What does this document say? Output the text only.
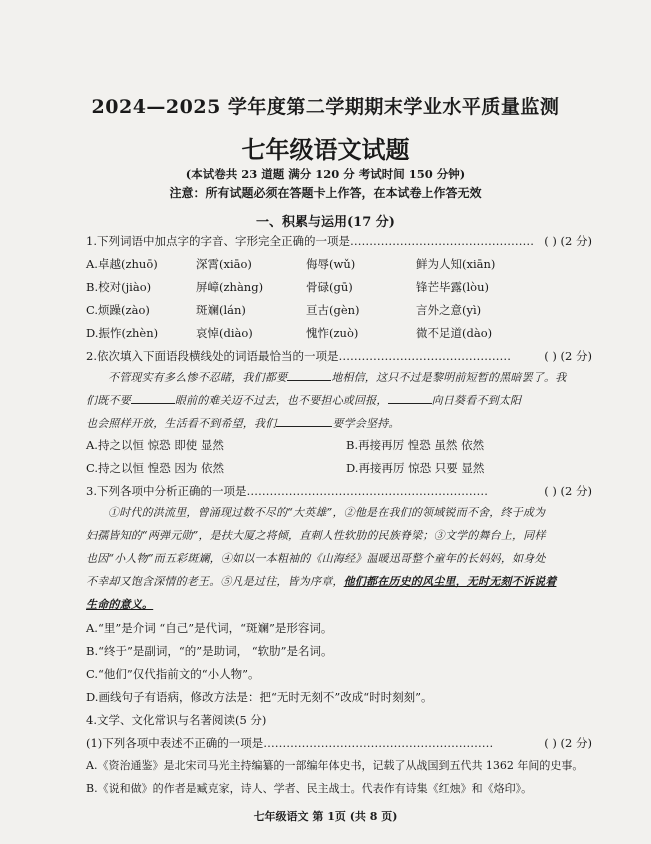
2024—2025 学年度第二学期期末学业水平质量监测
七年级语文试题
(本试卷共 23 道题 满分 120 分 考试时间 150 分钟)
注意：所有试题必须在答题卡上作答，在本试卷上作答无效
一、积累与运用(17 分)
1.下列词语中加点字的字音、字形完全正确的一项是………………………………………… ( ) (2 分)
A.卓越(zhuō)	深霄(xiāo)	侮辱(wǔ)	鲜为人知(xiān)
B.校对(jiào)	屏嶂(zhàng)	骨碌(gū)	锋芒毕露(lòu)
C.烦躁(zào)	斑斓(lán)	亘古(gèn)	言外之意(yì)
D.振怍(zhèn)	哀悼(diào)	愧怍(zuò)	微不足道(dào)
2.依次填入下面语段横线处的词语最恰当的一项是………………………………………	( ) (2 分)
不管现实有多么惨不忍睹，我们都要	地相信，这只不过是黎明前短暂的黑暗罢了。我
们既不要	眼前的难关迈不过去，也不要担心或回报，	向日葵看不到太阳
也会照样开放，生活看不到希望，我们	要学会坚持。
A.持之以恒 惊恐 即使 显然	B.再接再厉 惶恐 虽然 依然
C.持之以恒 惶恐 因为 依然	D.再接再厉 惊恐 只要 显然
3.下列各项中分析正确的一项是………………………………………………………	( ) (2 分)
①时代的洪流里，曾涌现过数不尽的“大英雄”，②他是在我们的领域锐而不舍，终于成为
妇孺皆知的“两弹元勋”，是扶大厦之将倾，直刺人性软肋的民族脊梁；③文学的舞台上，同样
也因“小人物”而五彩斑斓，④如以一本粗袖的《山海经》温暖迅哥整个童年的长妈妈，如身处
不幸却又饱含深情的老王。⑤凡是过往，皆为序章，他们都在历史的风尘里，无时无刻不诉说着
生命的意义。
A.“里”是介词 “自己”是代词，“斑斓”是形容词。
B.“终于”是副词，“的”是助词， “软肋”是名词。
C.“他们”仅代指前文的“小人物”。
D.画线句子有语病，修改方法是：把“无时无刻不”改成“时时刻刻”。
4.文学、文化常识与名著阅读(5 分)
(1)下列各项中表述不正确的一项是……………………………………………………	( ) (2 分)
A.《资治通鉴》是北宋司马光主持编纂的一部编年体史书，记载了从战国到五代共 1362 年间的史事。
B.《说和做》的作者是臧克家，诗人、学者、民主战士。代表作有诗集《红烛》和《烙印》。
七年级语文 第 1页 (共 8 页)
